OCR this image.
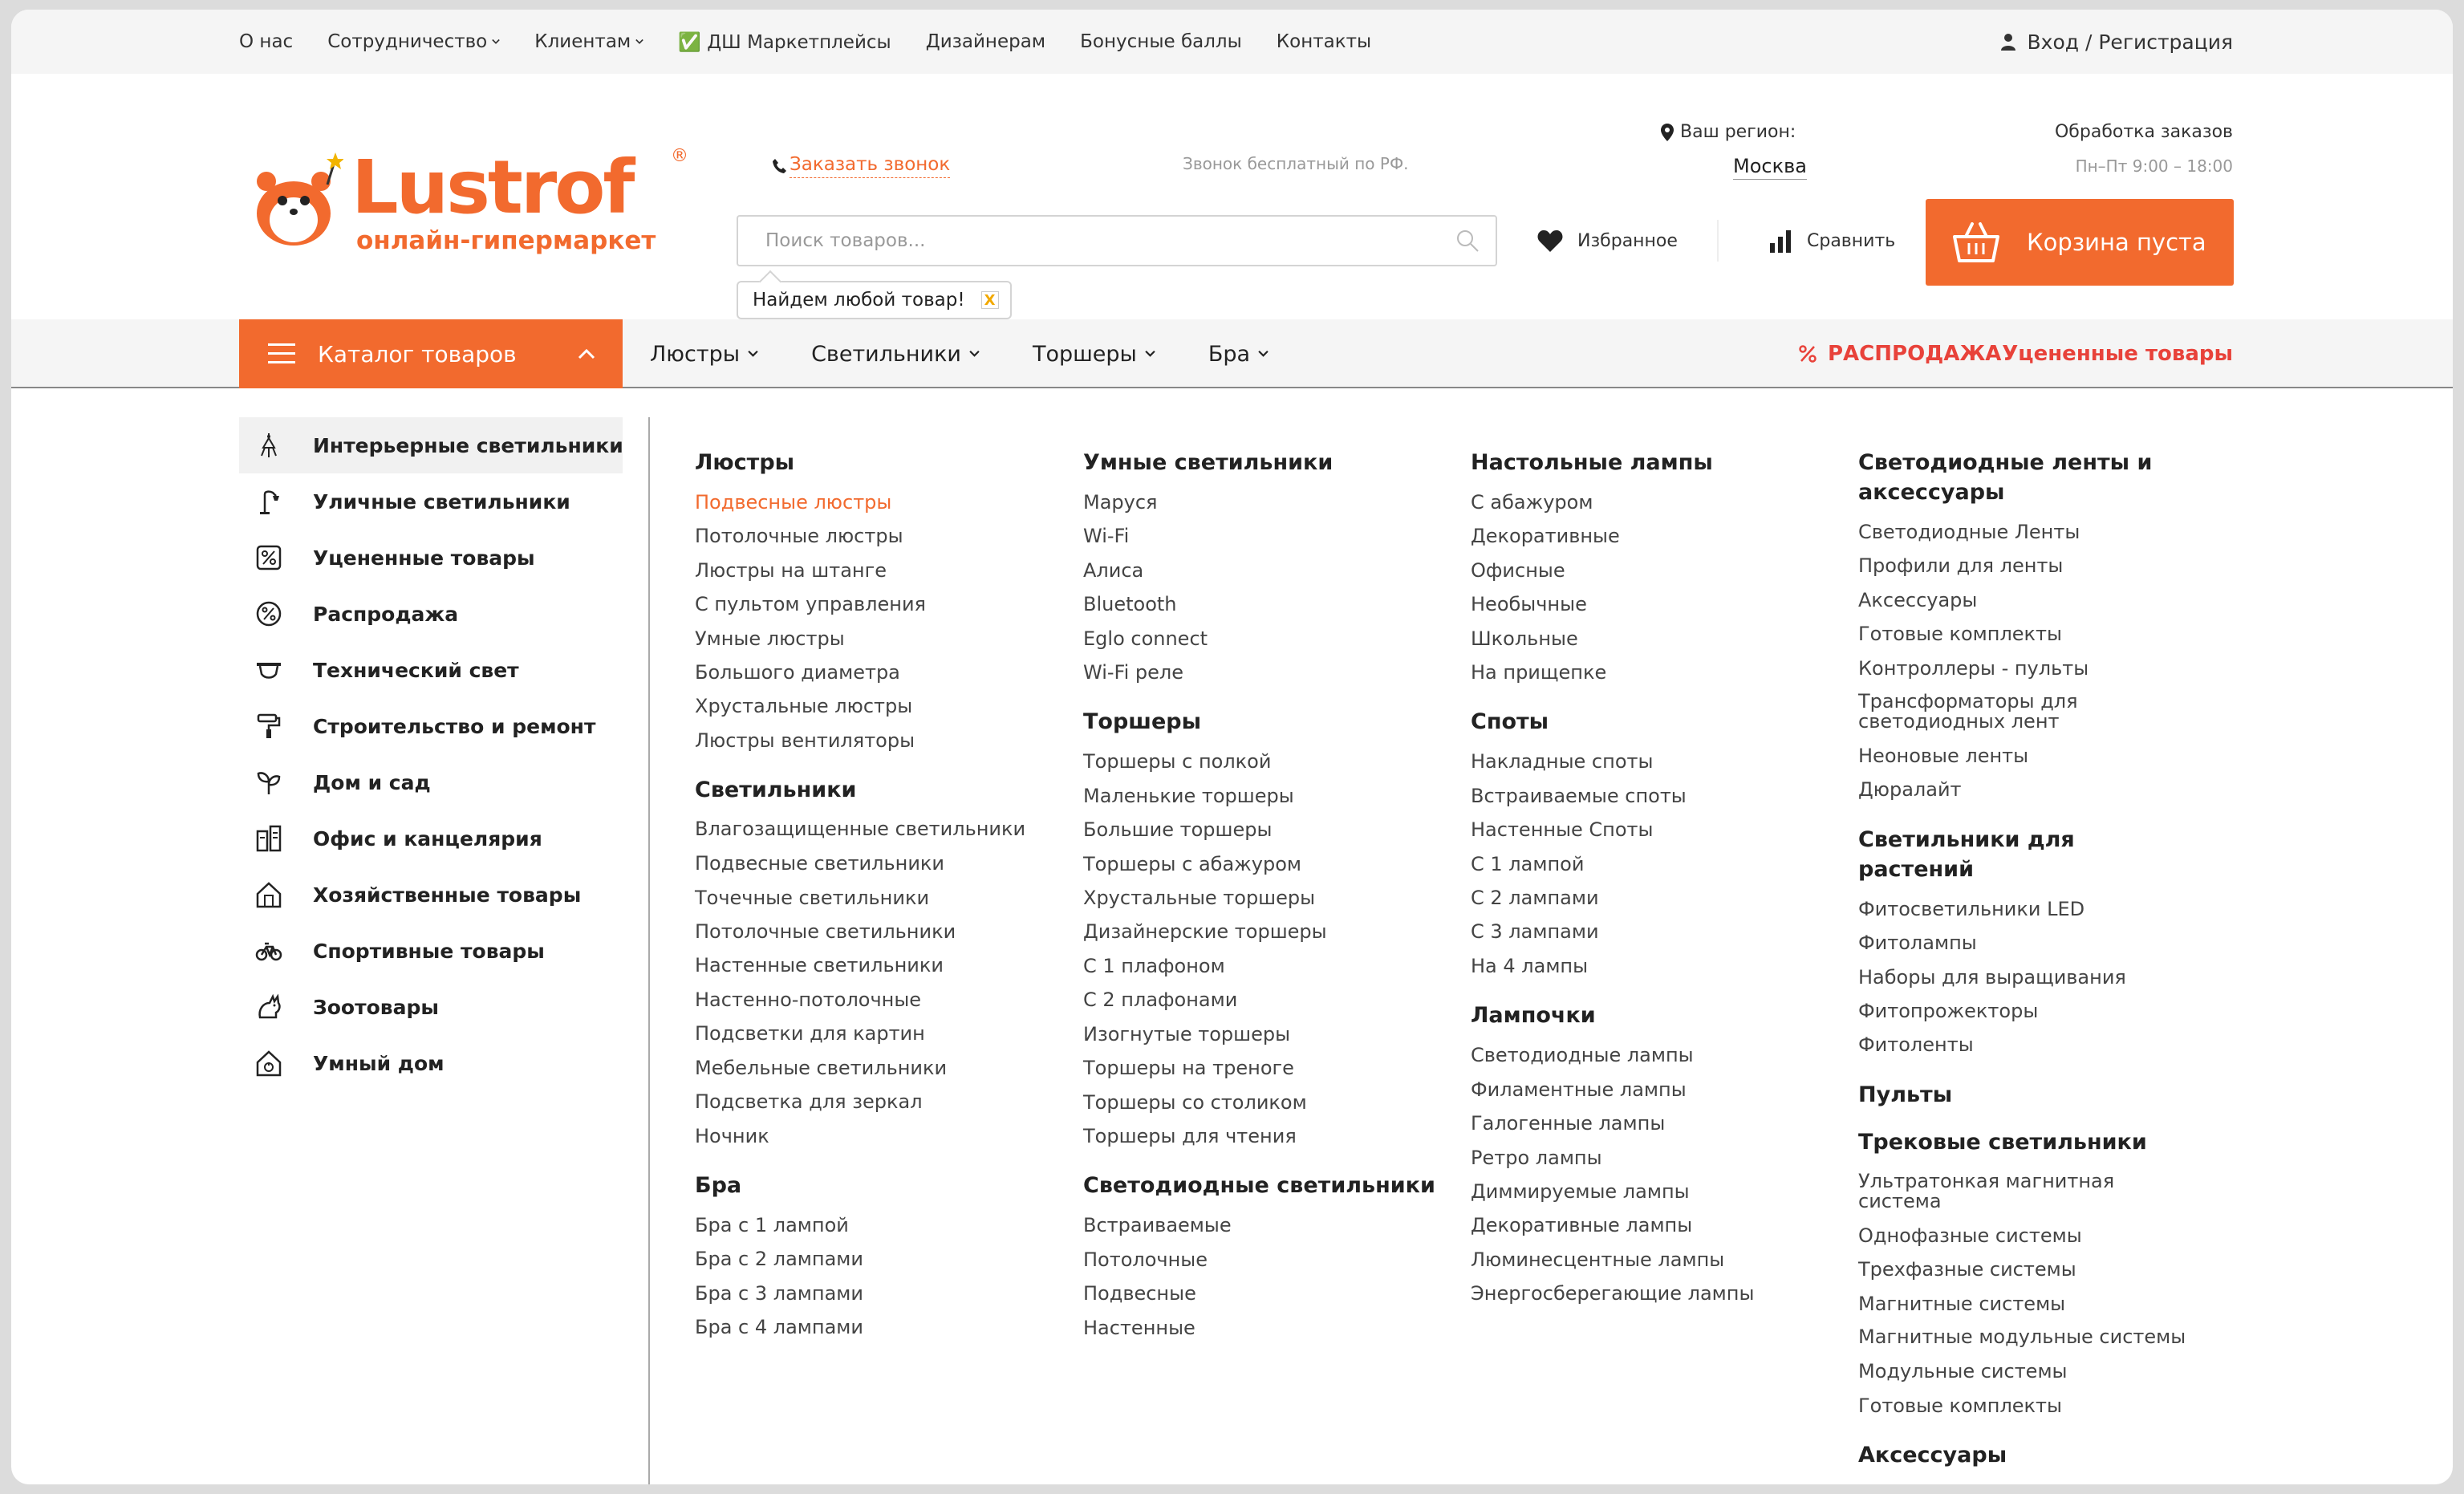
О нас Сотрудничество	Клиентам	✅ ДШ Маркетплейсы Дизайнерам Бонусные баллы Контакты	Вход / Регистрация
Lustrof ®
онлайн-гипермаркет
Заказать звонок	Звонок бесплатный по РФ.
Ваш регион:
Москва
Обработка заказов
Пн–Пт 9:00 – 18:00
Поиск товаров...
Найдем любой товар! X
Избранное	Сравнить	Корзина пуста
Каталог товаров	Люстры	Светильники	Торшеры	Бра	РАСПРОДАЖА Уцененные товары
Интерьерные светильники
Уличные светильники
Уцененные товары
Распродажа
Технический свет
Строительство и ремонт
Дом и сад
Офис и канцелярия
Хозяйственные товары
Спортивные товары
Зоотовары
Умный дом
Люстры
Подвесные люстры
Потолочные люстры
Люстры на штанге
С пультом управления
Умные люстры
Большого диаметра
Хрустальные люстры
Люстры вентиляторы
Светильники
Влагозащищенные светильники
Подвесные светильники
Точечные светильники
Потолочные светильники
Настенные светильники
Настенно-потолочные
Подсветки для картин
Мебельные светильники
Подсветка для зеркал
Ночник
Бра
Бра с 1 лампой
Бра с 2 лампами
Бра с 3 лампами
Бра с 4 лампами
Умные светильники
Маруся
Wi-Fi
Алиса
Bluetooth
Eglo connect
Wi-Fi реле
Торшеры
Торшеры с полкой
Маленькие торшеры
Большие торшеры
Торшеры с абажуром
Хрустальные торшеры
Дизайнерские торшеры
С 1 плафоном
С 2 плафонами
Изогнутые торшеры
Торшеры на треноге
Торшеры со столиком
Торшеры для чтения
Светодиодные светильники
Встраиваемые
Потолочные
Подвесные
Настенные
Настольные лампы
С абажуром
Декоративные
Офисные
Необычные
Школьные
На прищепке
Споты
Накладные споты
Встраиваемые споты
Настенные Споты
С 1 лампой
С 2 лампами
С 3 лампами
На 4 лампы
Лампочки
Светодиодные лампы
Филаментные лампы
Галогенные лампы
Ретро лампы
Диммируемые лампы
Декоративные лампы
Люминесцентные лампы
Энергосберегающие лампы
Светодиодные ленты и аксессуары
Светодиодные Ленты
Профили для ленты
Аксессуары
Готовые комплекты
Контроллеры - пульты
Трансформаторы для светодиодных лент
Неоновые ленты
Дюралайт
Светильники для растений
Фитосветильники LED
Фитолампы
Наборы для выращивания
Фитопрожекторы
Фитоленты
Пульты
Трековые светильники
Ультратонкая магнитная система
Однофазные системы
Трехфазные системы
Магнитные системы
Магнитные модульные системы
Модульные системы
Готовые комплекты
Аксессуары
